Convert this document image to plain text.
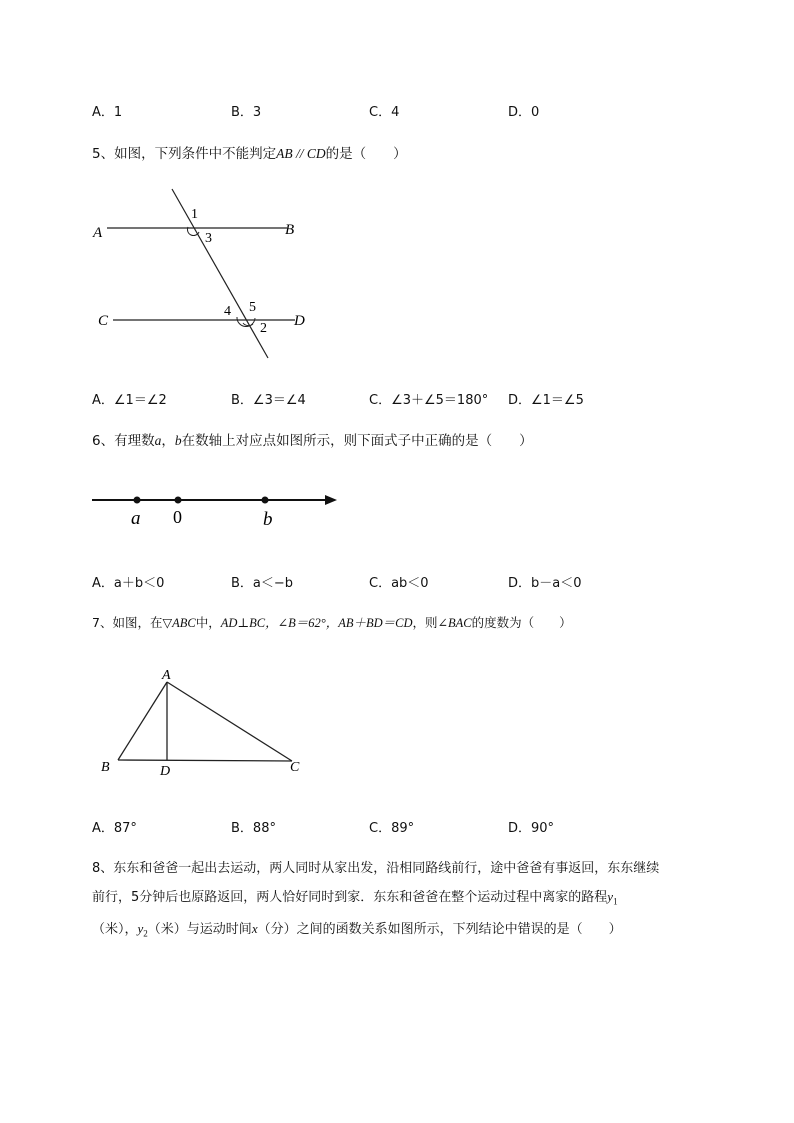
A．1	B．3	C．4	D．0
5、如图，下列条件中不能判定AB // CD的是（　　）
A	B
C	D
1
3
4 5
2
A．∠1＝∠2	B．∠3＝∠4	C．∠3＋∠5＝180° D．∠1＝∠5
6、有理数a，b在数轴上对应点如图所示，则下面式子中正确的是（　　）
a 0	b
A．a＋b＜0	B．a＜−b	C．ab＜0	D．b－a＜0
7、如图，在▽ABC中，AD⊥BC，∠B＝62°，AB＋BD＝CD，则∠BAC的度数为（　　）
A
B	D	C
A．87°	B．88°	C．89°	D．90°
8、东东和爸爸一起出去运动，两人同时从家出发，沿相同路线前行，途中爸爸有事返回，东东继续
前行，5分钟后也原路返回，两人恰好同时到家．东东和爸爸在整个运动过程中离家的路程$y_1$
（米），$y_2$（米）与运动时间x（分）之间的函数关系如图所示，下列结论中错误的是（　　）
